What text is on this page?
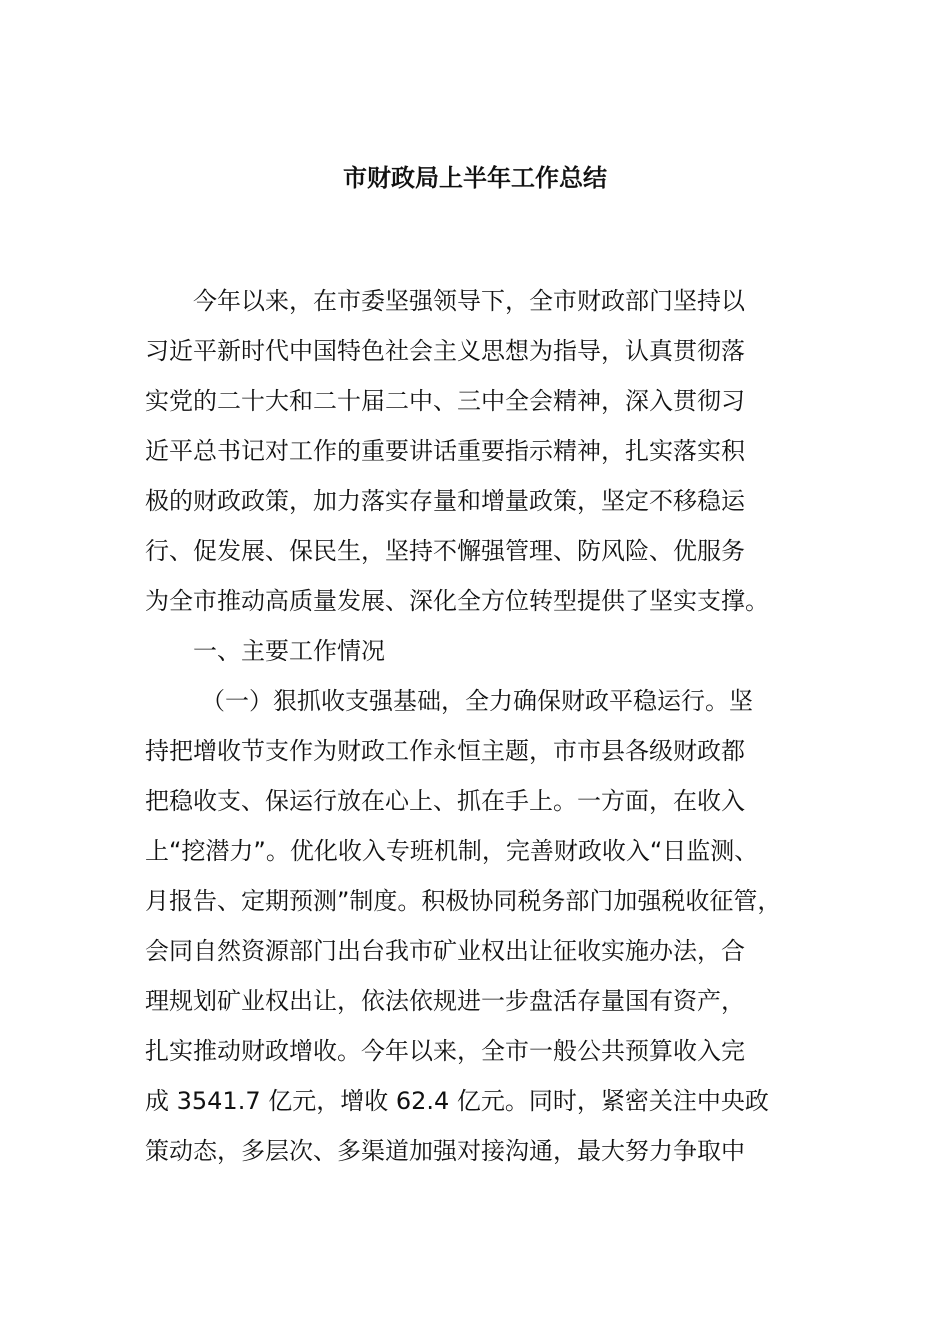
市财政局上半年工作总结
今年以来，在市委坚强领导下，全市财政部门坚持以
习近平新时代中国特色社会主义思想为指导，认真贯彻落
实党的二十大和二十届二中、三中全会精神，深入贯彻习
近平总书记对工作的重要讲话重要指示精神，扎实落实积
极的财政政策，加力落实存量和增量政策，坚定不移稳运
行、促发展、保民生，坚持不懈强管理、防风险、优服务
为全市推动高质量发展、深化全方位转型提供了坚实支撑。
一、主要工作情况
（一）狠抓收支强基础，全力确保财政平稳运行。坚
持把增收节支作为财政工作永恒主题，市市县各级财政都
把稳收支、保运行放在心上、抓在手上。一方面，在收入
上“挖潜力”。优化收入专班机制，完善财政收入“日监测、
月报告、定期预测”制度。积极协同税务部门加强税收征管，
会同自然资源部门出台我市矿业权出让征收实施办法，合
理规划矿业权出让，依法依规进一步盘活存量国有资产，
扎实推动财政增收。今年以来，全市一般公共预算收入完
成 3541.7 亿元，增收 62.4 亿元。同时，紧密关注中央政
策动态，多层次、多渠道加强对接沟通，最大努力争取中
